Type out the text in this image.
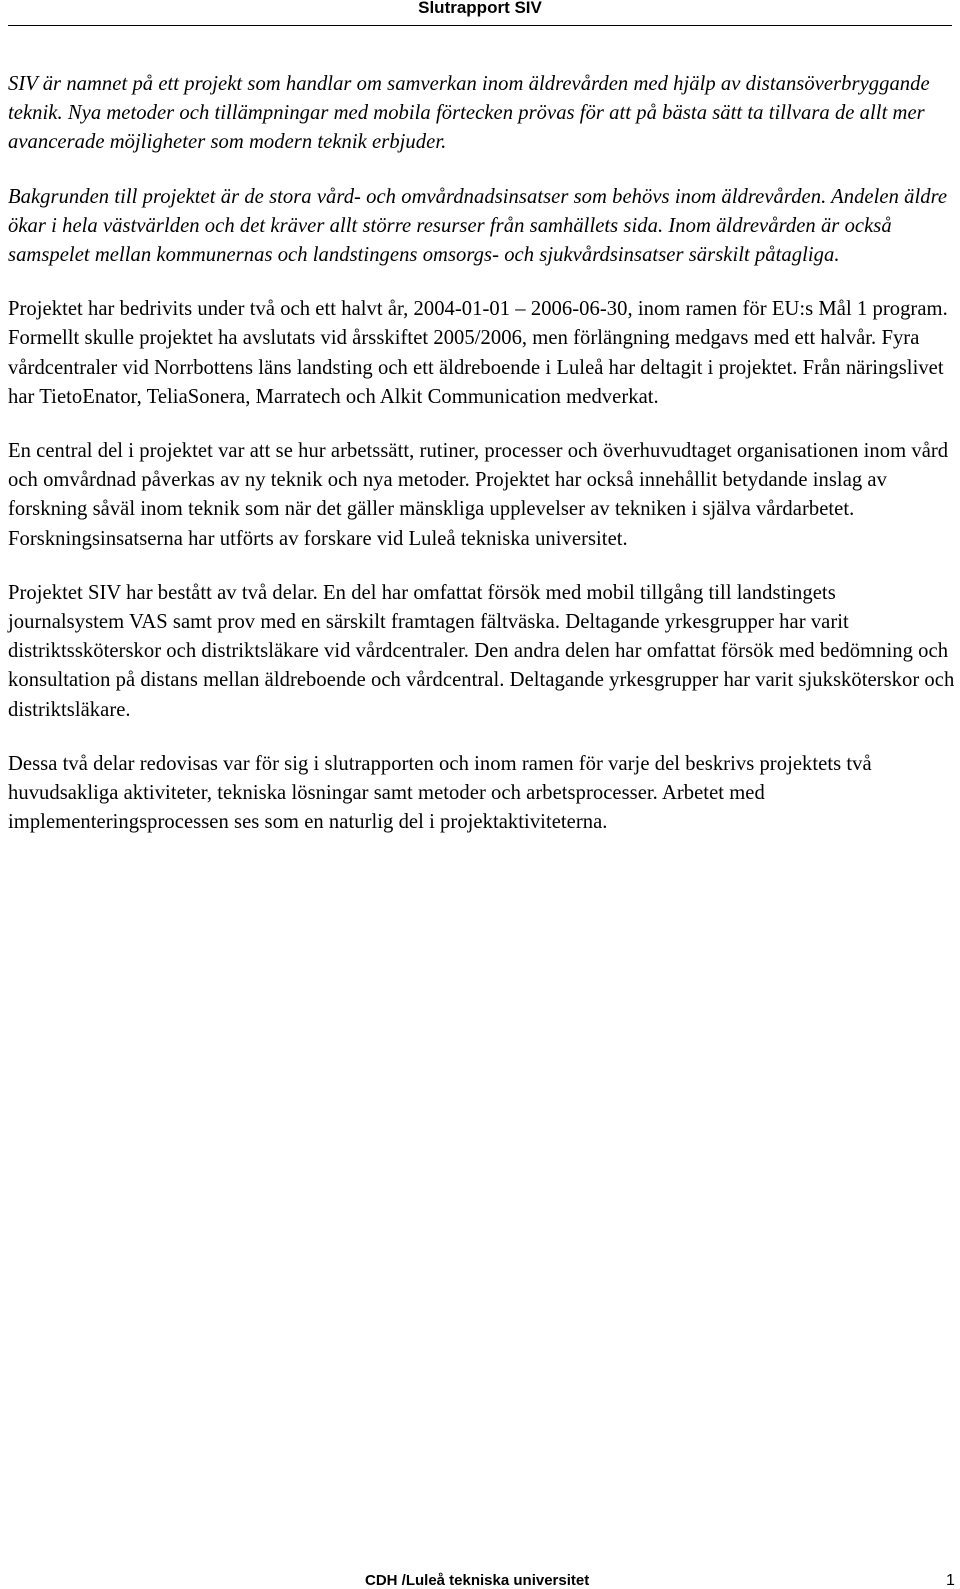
Slutrapport SIV

SIV är namnet på ett projekt som handlar om samverkan inom äldrevården med hjälp av distansöverbryggande teknik. Nya metoder och tillämpningar med mobila förtecken prövas för att på bästa sätt ta tillvara de allt mer avancerade möjligheter som modern teknik erbjuder.

Bakgrunden till projektet är de stora vård- och omvårdnadsinsatser som behövs inom äldrevården. Andelen äldre ökar i hela västvärlden och det kräver allt större resurser från samhällets sida. Inom äldrevården är också samspelet mellan kommunernas och landstingens omsorgs- och sjukvårdsinsatser särskilt påtagliga.

Projektet har bedrivits under två och ett halvt år, 2004-01-01 – 2006-06-30, inom ramen för EU:s Mål 1 program. Formellt skulle projektet ha avslutats vid årsskiftet 2005/2006, men förlängning medgavs med ett halvår. Fyra vårdcentraler vid Norrbottens läns landsting och ett äldreboende i Luleå har deltagit i projektet. Från näringslivet har TietoEnator, TeliaSonera, Marratech och Alkit Communication medverkat.

En central del i projektet var att se hur arbetssätt, rutiner, processer och överhuvudtaget organisationen inom vård och omvårdnad påverkas av ny teknik och nya metoder. Projektet har också innehållit betydande inslag av forskning såväl inom teknik som när det gäller mänskliga upplevelser av tekniken i själva vårdarbetet. Forskningsinsatserna har utförts av forskare vid Luleå tekniska universitet.

Projektet SIV har bestått av två delar. En del har omfattat försök med mobil tillgång till landstingets journalsystem VAS samt prov med en särskilt framtagen fältväska. Deltagande yrkesgrupper har varit distriktssköterskor och distriktsläkare vid vårdcentraler. Den andra delen har omfattat försök med bedömning och konsultation på distans mellan äldreboende och vårdcentral. Deltagande yrkesgrupper har varit sjuksköterskor och distriktsläkare.

Dessa två delar redovisas var för sig i slutrapporten och inom ramen för varje del beskrivs projektets två huvudsakliga aktiviteter, tekniska lösningar samt metoder och arbetsprocesser. Arbetet med implementeringsprocessen ses som en naturlig del i projektaktiviteterna.

CDH /Luleå tekniska universitet	1
